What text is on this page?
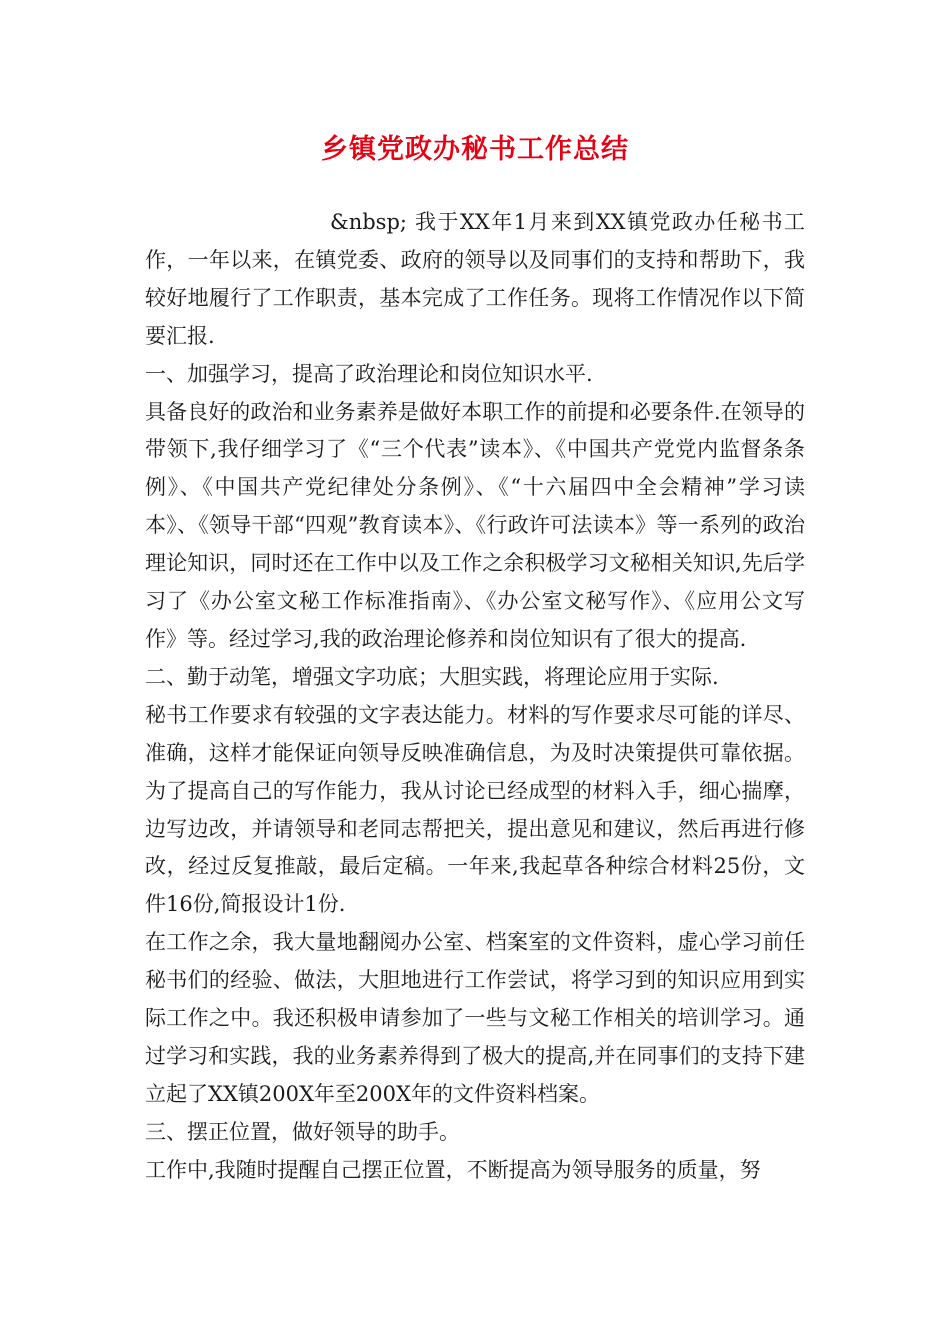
乡镇党政办秘书工作总结

&nbsp; 我于XX年1月来到XX镇党政办任秘书工作，一年以来，在镇党委、政府的领导以及同事们的支持和帮助下，我较好地履行了工作职责，基本完成了工作任务。现将工作情况作以下简要汇报.

一、加强学习，提高了政治理论和岗位知识水平.

具备良好的政治和业务素养是做好本职工作的前提和必要条件.在领导的带领下,我仔细学习了《“三个代表”读本》、《中国共产党党内监督条条例》、《中国共产党纪律处分条例》、《“十六届四中全会精神”学习读本》、《领导干部“四观”教育读本》、《行政许可法读本》等一系列的政治理论知识，同时还在工作中以及工作之余积极学习文秘相关知识,先后学习了《办公室文秘工作标准指南》、《办公室文秘写作》、《应用公文写作》等。经过学习,我的政治理论修养和岗位知识有了很大的提高.

二、勤于动笔，增强文字功底；大胆实践，将理论应用于实际.

秘书工作要求有较强的文字表达能力。材料的写作要求尽可能的详尽、准确，这样才能保证向领导反映准确信息，为及时决策提供可靠依据。为了提高自己的写作能力，我从讨论已经成型的材料入手，细心揣摩，边写边改，并请领导和老同志帮把关，提出意见和建议，然后再进行修改，经过反复推敲，最后定稿。一年来,我起草各种综合材料25份，文件16份,简报设计1份.

在工作之余，我大量地翻阅办公室、档案室的文件资料，虚心学习前任秘书们的经验、做法，大胆地进行工作尝试，将学习到的知识应用到实际工作之中。我还积极申请参加了一些与文秘工作相关的培训学习。通过学习和实践，我的业务素养得到了极大的提高,并在同事们的支持下建立起了XX镇200X年至200X年的文件资料档案。

三、摆正位置，做好领导的助手。

工作中,我随时提醒自己摆正位置，不断提高为领导服务的质量，努
